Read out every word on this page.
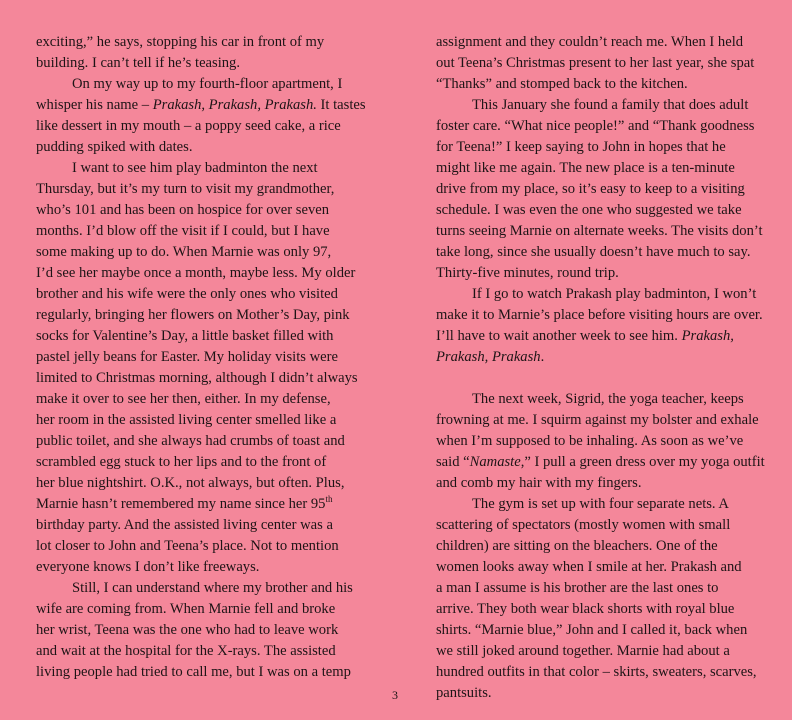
exciting,” he says, stopping his car in front of my
building. I can’t tell if he’s teasing.
On my way up to my fourth-floor apartment, I
whisper his name – Prakash, Prakash, Prakash. It tastes
like dessert in my mouth – a poppy seed cake, a rice
pudding spiked with dates.
I want to see him play badminton the next
Thursday, but it’s my turn to visit my grandmother,
who’s 101 and has been on hospice for over seven
months. I’d blow off the visit if I could, but I have
some making up to do. When Marnie was only 97,
I’d see her maybe once a month, maybe less. My older
brother and his wife were the only ones who visited
regularly, bringing her flowers on Mother’s Day, pink
socks for Valentine’s Day, a little basket filled with
pastel jelly beans for Easter. My holiday visits were
limited to Christmas morning, although I didn’t always
make it over to see her then, either. In my defense,
her room in the assisted living center smelled like a
public toilet, and she always had crumbs of toast and
scrambled egg stuck to her lips and to the front of
her blue nightshirt. O.K., not always, but often. Plus,
Marnie hasn’t remembered my name since her 95th
birthday party. And the assisted living center was a
lot closer to John and Teena’s place. Not to mention
everyone knows I don’t like freeways.
Still, I can understand where my brother and his
wife are coming from. When Marnie fell and broke
her wrist, Teena was the one who had to leave work
and wait at the hospital for the X-rays. The assisted
living people had tried to call me, but I was on a temp
assignment and they couldn’t reach me. When I held
out Teena’s Christmas present to her last year, she spat
“Thanks” and stomped back to the kitchen.
This January she found a family that does adult
foster care. “What nice people!” and “Thank goodness
for Teena!” I keep saying to John in hopes that he
might like me again. The new place is a ten-minute
drive from my place, so it’s easy to keep to a visiting
schedule. I was even the one who suggested we take
turns seeing Marnie on alternate weeks. The visits don’t
take long, since she usually doesn’t have much to say.
Thirty-five minutes, round trip.
If I go to watch Prakash play badminton, I won’t
make it to Marnie’s place before visiting hours are over.
I’ll have to wait another week to see him. Prakash,
Prakash, Prakash.
The next week, Sigrid, the yoga teacher, keeps
frowning at me. I squirm against my bolster and exhale
when I’m supposed to be inhaling. As soon as we’ve
said “Namaste,” I pull a green dress over my yoga outfit
and comb my hair with my fingers.
The gym is set up with four separate nets. A
scattering of spectators (mostly women with small
children) are sitting on the bleachers. One of the
women looks away when I smile at her. Prakash and
a man I assume is his brother are the last ones to
arrive. They both wear black shorts with royal blue
shirts. “Marnie blue,” John and I called it, back when
we still joked around together. Marnie had about a
hundred outfits in that color – skirts, sweaters, scarves,
pantsuits.
3
